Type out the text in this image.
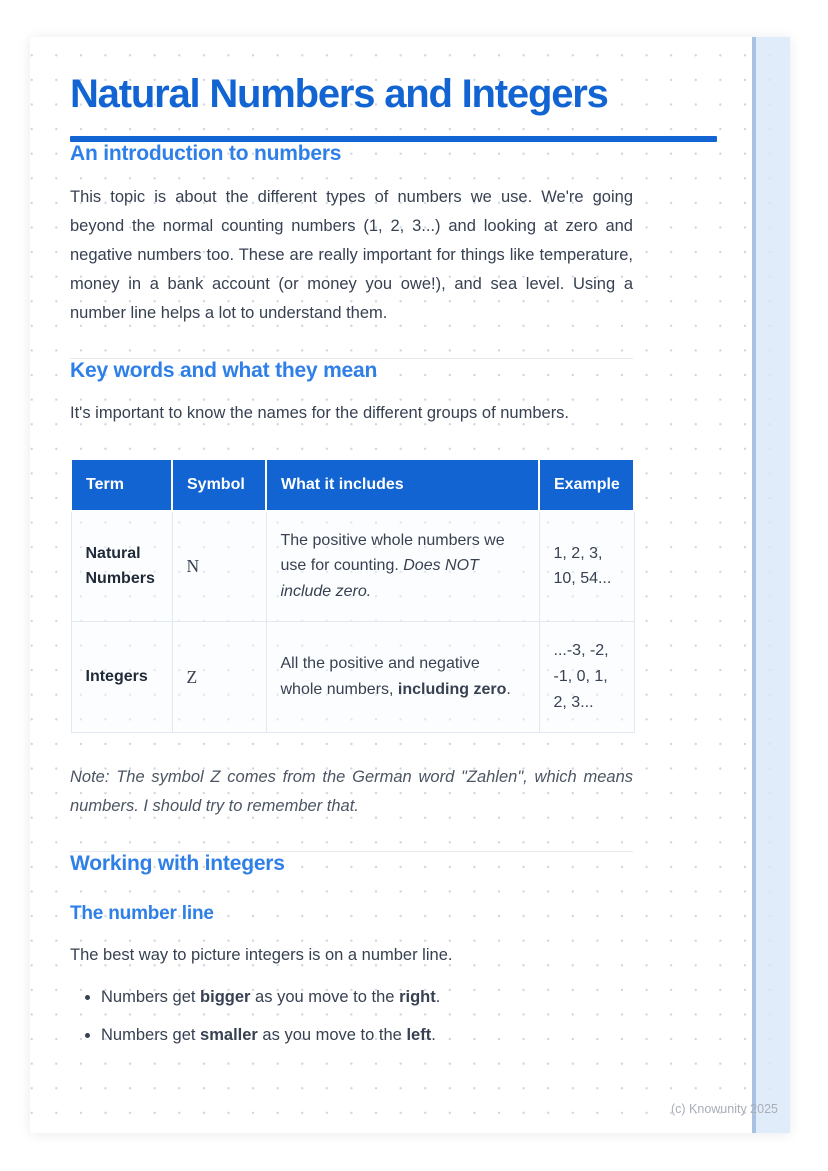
Natural Numbers and Integers
An introduction to numbers

This topic is about the different types of numbers we use. We're going beyond the normal counting numbers (1, 2, 3...) and looking at zero and negative numbers too. These are really important for things like temperature, money in a bank account (or money you owe!), and sea level. Using a number line helps a lot to understand them.

Key words and what they mean

It's important to know the names for the different groups of numbers.

Term	Symbol	What it includes	Example
Natural Numbers	N	The positive whole numbers we use for counting. Does NOT include zero.	1, 2, 3, 10, 54...
Integers	Z	All the positive and negative whole numbers, including zero.	...-3, -2, -1, 0, 1, 2, 3...

Note: The symbol Z comes from the German word "Zahlen", which means numbers. I should try to remember that.

Working with integers
The number line

The best way to picture integers is on a number line.

• Numbers get bigger as you move to the right.
• Numbers get smaller as you move to the left.
(c) Knowunity 2025
